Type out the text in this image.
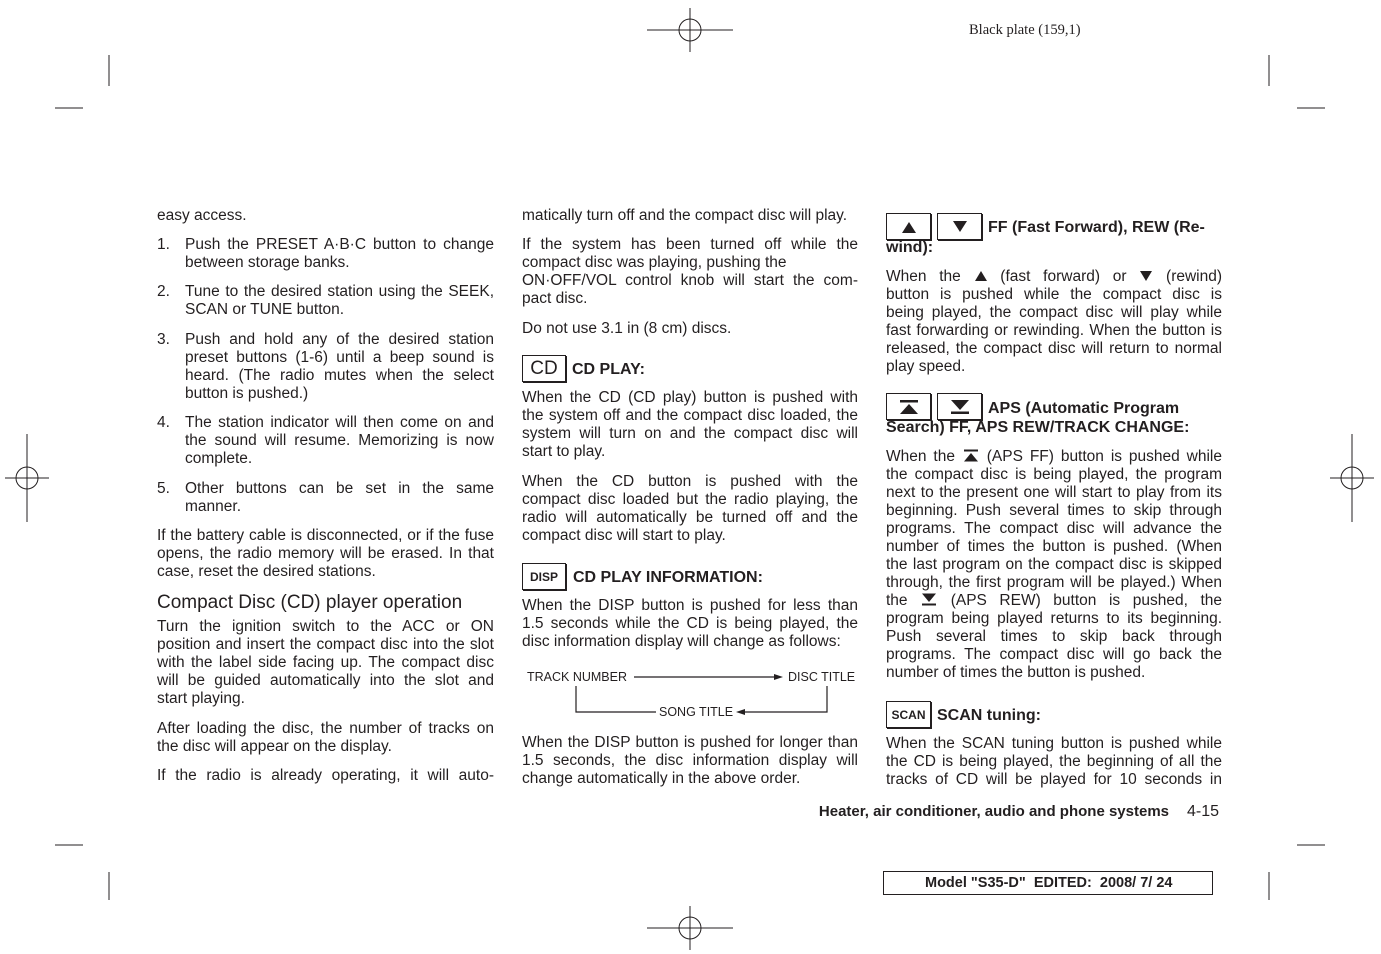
Black plate (159,1)
easy access.
1. Push the PRESET A·B·C button to change
between storage banks.
2. Tune to the desired station using the SEEK,
SCAN or TUNE button.
3. Push and hold any of the desired station
preset buttons (1-6) until a beep sound is
heard. (The radio mutes when the select
button is pushed.)
4. The station indicator will then come on and
the sound will resume. Memorizing is now
complete.
5. Other buttons can be set in the same
manner.
If the battery cable is disconnected, or if the fuse
opens, the radio memory will be erased. In that
case, reset the desired stations.
Compact Disc (CD) player operation
Turn the ignition switch to the ACC or ON
position and insert the compact disc into the slot
with the label side facing up. The compact disc
will be guided automatically into the slot and
start playing.
After loading the disc, the number of tracks on
the disc will appear on the display.
If the radio is already operating, it will auto-
matically turn off and the compact disc will play.
If the system has been turned off while the
compact disc was playing, pushing the
ON·OFF/VOL control knob will start the com-
pact disc.
Do not use 3.1 in (8 cm) discs.
CD CD PLAY:
When the CD (CD play) button is pushed with
the system off and the compact disc loaded, the
system will turn on and the compact disc will
start to play.
When the CD button is pushed with the
compact disc loaded but the radio playing, the
radio will automatically be turned off and the
compact disc will start to play.
DISP CD PLAY INFORMATION:
When the DISP button is pushed for less than
1.5 seconds while the CD is being played, the
disc information display will change as follows:
TRACK NUMBER	DISC TITLE
SONG TITLE
When the DISP button is pushed for longer than
1.5 seconds, the disc information display will
change automatically in the above order.
FF (Fast Forward), REW (Re-
wind):
When the	(fast forward) or	(rewind)
button is pushed while the compact disc is
being played, the compact disc will play while
fast forwarding or rewinding. When the button is
released, the compact disc will return to normal
play speed.
APS (Automatic Program
Search) FF, APS REW/TRACK CHANGE:
When the (APS FF) button is pushed while
the compact disc is being played, the program
next to the present one will start to play from its
beginning. Push several times to skip through
programs. The compact disc will advance the
number of times the button is pushed. (When
the last program on the compact disc is skipped
through, the first program will be played.) When
the	(APS REW) button is pushed, the
program being played returns to its beginning.
Push several times to skip back through
programs. The compact disc will go back the
number of times the button is pushed.
SCAN SCAN tuning:
When the SCAN tuning button is pushed while
the CD is being played, the beginning of all the
tracks of CD will be played for 10 seconds in
Heater, air conditioner, audio and phone systems 4-15
Model "S35-D"  EDITED:  2008/ 7/ 24
